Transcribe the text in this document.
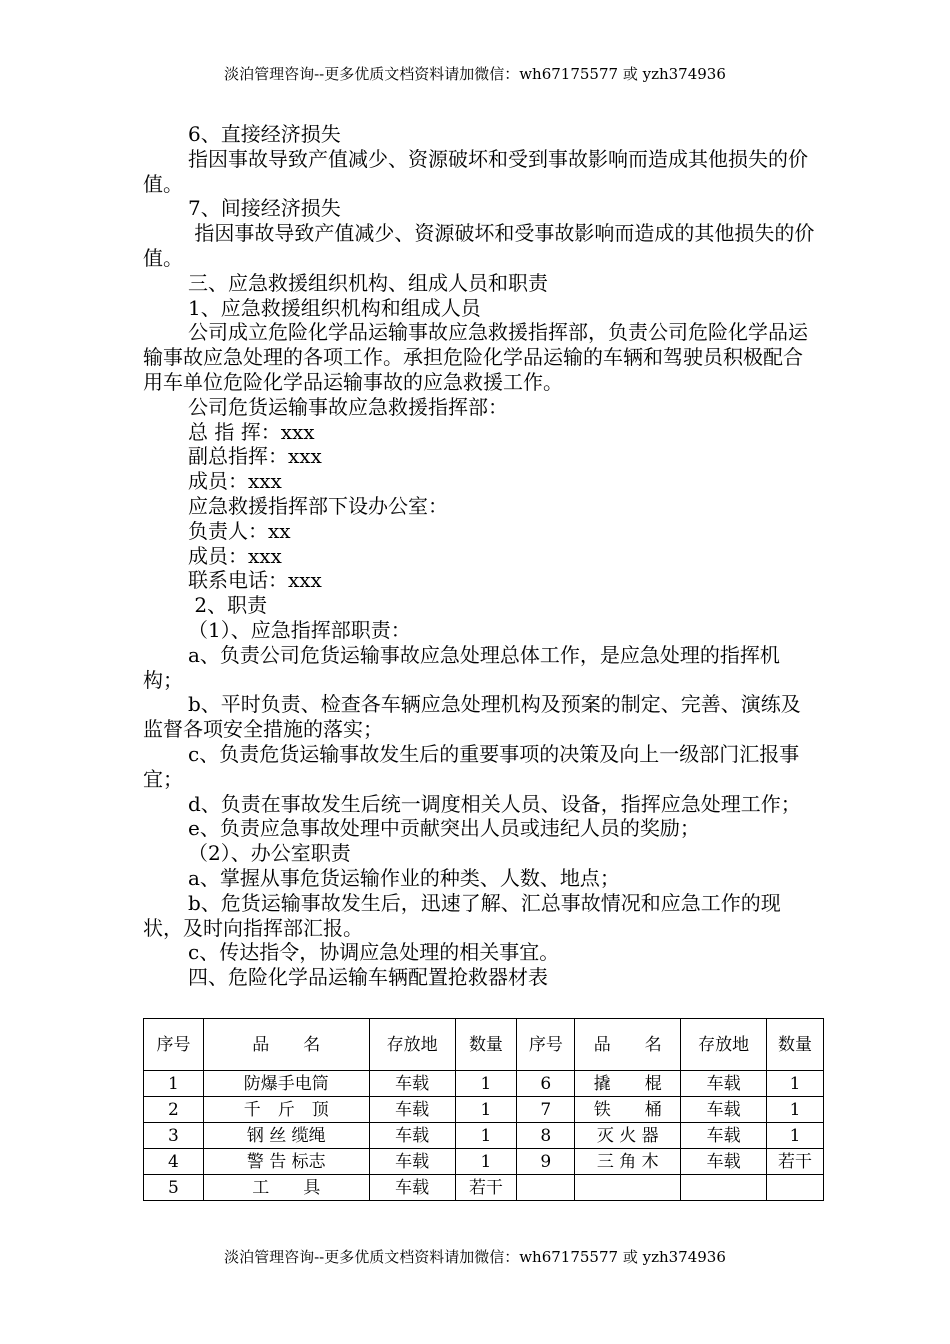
淡泊管理咨询--更多优质文档资料请加微信：wh67175577 或 yzh374936

6、直接经济损失

指因事故导致产值减少、资源破坏和受到事故影响而造成其他损失的价值。

7、间接经济损失

指因事故导致产值减少、资源破坏和受事故影响而造成的其他损失的价值。

三、应急救援组织机构、组成人员和职责

1、应急救援组织机构和组成人员

公司成立危险化学品运输事故应急救援指挥部，负责公司危险化学品运输事故应急处理的各项工作。承担危险化学品运输的车辆和驾驶员积极配合用车单位危险化学品运输事故的应急救援工作。

公司危货运输事故应急救援指挥部：

总 指 挥：xxx

副总指挥：xxx

成员：xxx

应急救援指挥部下设办公室：

负责人：xx

成员：xxx

联系电话：xxx

2、职责

（1）、应急指挥部职责：

a、负责公司危货运输事故应急处理总体工作，是应急处理的指挥机构；

b、平时负责、检查各车辆应急处理机构及预案的制定、完善、演练及监督各项安全措施的落实；

c、负责危货运输事故发生后的重要事项的决策及向上一级部门汇报事宜；

d、负责在事故发生后统一调度相关人员、设备，指挥应急处理工作；

e、负责应急事故处理中贡献突出人员或违纪人员的奖励；

（2）、办公室职责

a、掌握从事危货运输作业的种类、人数、地点；

b、危货运输事故发生后，迅速了解、汇总事故情况和应急工作的现状，及时向指挥部汇报。

c、传达指令，协调应急处理的相关事宜。

四、危险化学品运输车辆配置抢救器材表

序号	品　　名	存放地	数量	序号	品　　名	存放地	数量
1	防爆手电筒	车载	1	6	撬　　棍	车载	1
2	千　斤　顶	车载	1	7	铁　　桶	车载	1
3	钢 丝 缆绳	车载	1	8	灭 火 器	车载	1
4	警 告 标志	车载	1	9	三 角 木	车载	若干
5	工　　具	车载	若干				
淡泊管理咨询--更多优质文档资料请加微信：wh67175577 或 yzh374936
